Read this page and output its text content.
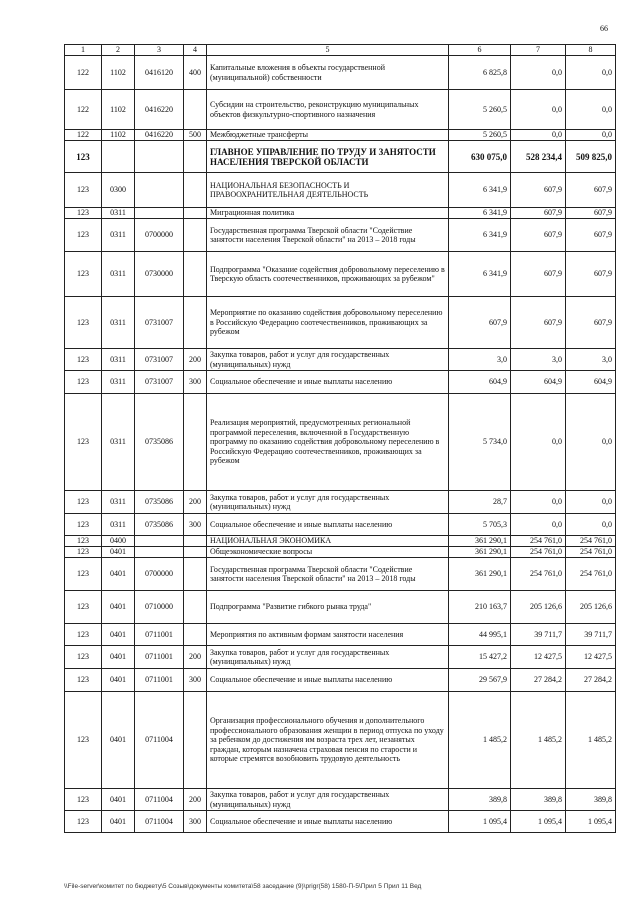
66
1	2	3	4	5	6	7	8
122	1102	0416120	400	Капитальные вложения в объекты государственной (муниципальной) собственности	6 825,8	0,0	0,0
122	1102	0416220		Субсидии на строительство, реконструкцию муниципальных объектов физкультурно-спортивного назначения	5 260,5	0,0	0,0
122	1102	0416220	500	Межбюджетные трансферты	5 260,5	0,0	0,0
123				ГЛАВНОЕ УПРАВЛЕНИЕ ПО ТРУДУ И ЗАНЯТОСТИ НАСЕЛЕНИЯ ТВЕРСКОЙ ОБЛАСТИ	630 075,0	528 234,4	509 825,0
123	0300			НАЦИОНАЛЬНАЯ БЕЗОПАСНОСТЬ И ПРАВООХРАНИТЕЛЬНАЯ ДЕЯТЕЛЬНОСТЬ	6 341,9	607,9	607,9
123	0311			Миграционная политика	6 341,9	607,9	607,9
123	0311	0700000		Государственная программа Тверской области "Содействие занятости населения Тверской области" на 2013 – 2018 годы	6 341,9	607,9	607,9
123	0311	0730000		Подпрограмма "Оказание содействия добровольному переселению в Тверскую область соотечественников, проживающих за рубежом"	6 341,9	607,9	607,9
123	0311	0731007		Мероприятие по оказанию содействия добровольному переселению в Российскую Федерацию соотечественников, проживающих за рубежом	607,9	607,9	607,9
123	0311	0731007	200	Закупка товаров, работ и услуг для государственных (муниципальных) нужд	3,0	3,0	3,0
123	0311	0731007	300	Социальное обеспечение и иные выплаты населению	604,9	604,9	604,9
123	0311	0735086		Реализация мероприятий, предусмотренных региональной программой переселения, включенной в Государственную программу по оказанию содействия добровольному переселению в Российскую Федерацию соотечественников, проживающих за рубежом	5 734,0	0,0	0,0
123	0311	0735086	200	Закупка товаров, работ и услуг для государственных (муниципальных) нужд	28,7	0,0	0,0
123	0311	0735086	300	Социальное обеспечение и иные выплаты населению	5 705,3	0,0	0,0
123	0400			НАЦИОНАЛЬНАЯ ЭКОНОМИКА	361 290,1	254 761,0	254 761,0
123	0401			Общеэкономические вопросы	361 290,1	254 761,0	254 761,0
123	0401	0700000		Государственная программа Тверской области "Содействие занятости населения Тверской области" на 2013 – 2018 годы	361 290,1	254 761,0	254 761,0
123	0401	0710000		Подпрограмма "Развитие гибкого рынка труда"	210 163,7	205 126,6	205 126,6
123	0401	0711001		Мероприятия по активным формам занятости населения	44 995,1	39 711,7	39 711,7
123	0401	0711001	200	Закупка товаров, работ и услуг для государственных (муниципальных) нужд	15 427,2	12 427,5	12 427,5
123	0401	0711001	300	Социальное обеспечение и иные выплаты населению	29 567,9	27 284,2	27 284,2
123	0401	0711004		Организация профессионального обучения и дополнительного профессионального образования женщин в период отпуска по уходу за ребенком до достижения им возраста трех лет, незанятых граждан, которым назначена страховая пенсия по старости и которые стремятся возобновить трудовую деятельность	1 485,2	1 485,2	1 485,2
123	0401	0711004	200	Закупка товаров, работ и услуг для государственных (муниципальных) нужд	389,8	389,8	389,8
123	0401	0711004	300	Социальное обеспечение и иные выплаты населению	1 095,4	1 095,4	1 095,4
\\File-server\комитет по бюджету\5 Созыв\документы комитета\58 заседание (9)\prigr(58) 1580-П-5\Прил 5 Прил 11 Вед
